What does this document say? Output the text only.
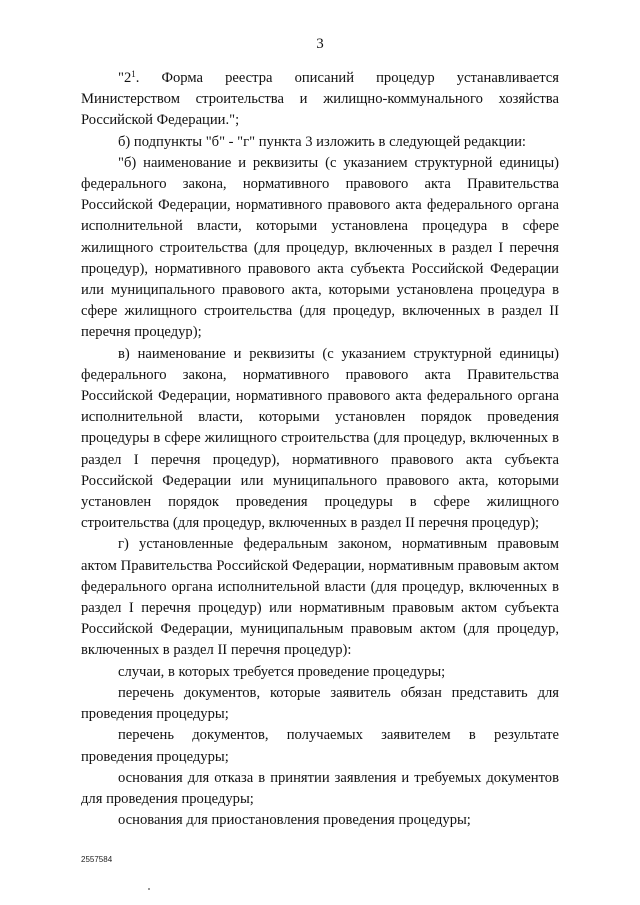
3

"$2^1$. Форма реестра описаний процедур устанавливается Министерством строительства и жилищно-коммунального хозяйства Российской Федерации.";

б) подпункты "б" - "г" пункта 3 изложить в следующей редакции:

"б) наименование и реквизиты (с указанием структурной единицы) федерального закона, нормативного правового акта Правительства Российской Федерации, нормативного правового акта федерального органа исполнительной власти, которыми установлена процедура в сфере жилищного строительства (для процедур, включенных в раздел I перечня процедур), нормативного правового акта субъекта Российской Федерации или муниципального правового акта, которыми установлена процедура в сфере жилищного строительства (для процедур, включенных в раздел II перечня процедур);

в) наименование и реквизиты (с указанием структурной единицы) федерального закона, нормативного правового акта Правительства Российской Федерации, нормативного правового акта федерального органа исполнительной власти, которыми установлен порядок проведения процедуры в сфере жилищного строительства (для процедур, включенных в раздел I перечня процедур), нормативного правового акта субъекта Российской Федерации или муниципального правового акта, которыми установлен порядок проведения процедуры в сфере жилищного строительства (для процедур, включенных в раздел II перечня процедур);

г) установленные федеральным законом, нормативным правовым актом Правительства Российской Федерации, нормативным правовым актом федерального органа исполнительной власти (для процедур, включенных в раздел I перечня процедур) или нормативным правовым актом субъекта Российской Федерации, муниципальным правовым актом (для процедур, включенных в раздел II перечня процедур):

случаи, в которых требуется проведение процедуры;

перечень документов, которые заявитель обязан представить для проведения процедуры;

перечень документов, получаемых заявителем в результате проведения процедуры;

основания для отказа в принятии заявления и требуемых документов для проведения процедуры;

основания для приостановления проведения процедуры;

2557584
